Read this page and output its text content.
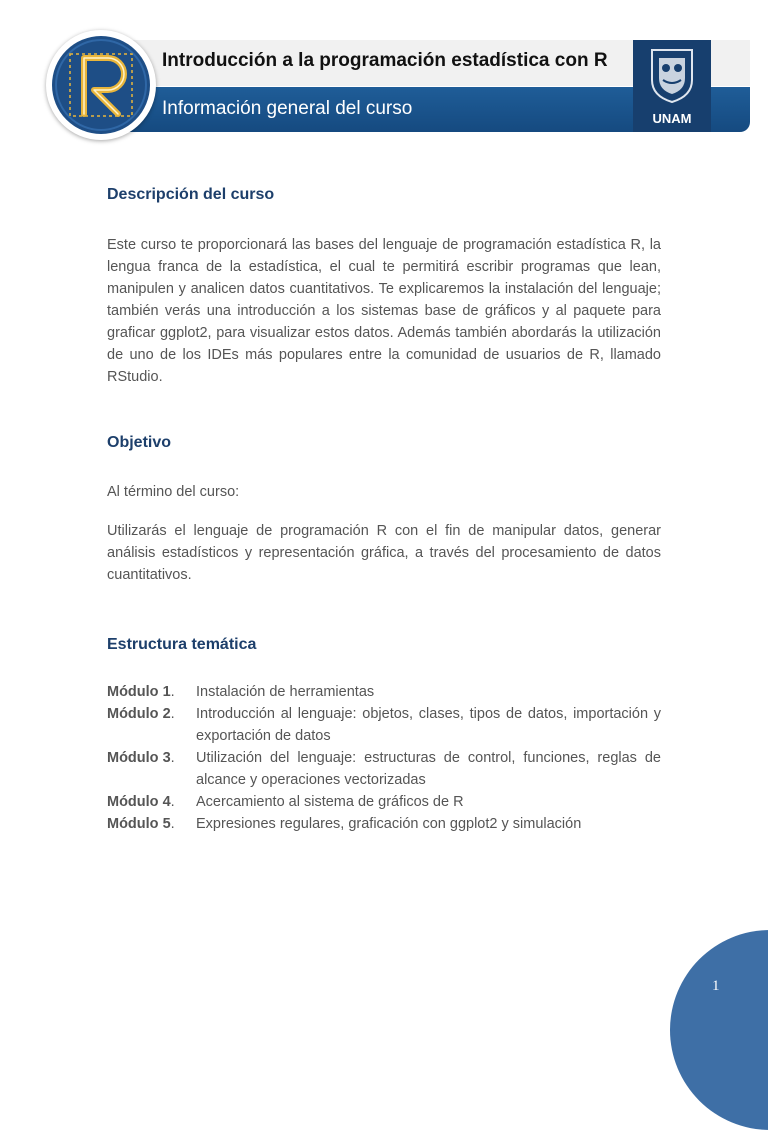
Introducción a la programación estadística con R
Información general del curso	UNAM
Descripción del curso

Este curso te proporcionará las bases del lenguaje de programación estadística R, la lengua franca de la estadística, el cual te permitirá escribir programas que lean, manipulen y analicen datos cuantitativos. Te explicaremos la instalación del lenguaje; también verás una introducción a los sistemas base de gráficos y al paquete para graficar ggplot2, para visualizar estos datos. Además también abordarás la utilización de uno de los IDEs más populares entre la comunidad de usuarios de R, llamado RStudio.

Objetivo

Al término del curso:

Utilizarás el lenguaje de programación R con el fin de manipular datos, generar análisis estadísticos y representación gráfica, a través del procesamiento de datos cuantitativos.

Estructura temática
Módulo 1.	Instalación de herramientas
Módulo 2.	Introducción al lenguaje: objetos, clases, tipos de datos, importación y exportación de datos
Módulo 3.	Utilización del lenguaje: estructuras de control, funciones, reglas de alcance y operaciones vectorizadas
Módulo 4.	Acercamiento al sistema de gráficos de R
Módulo 5.	Expresiones regulares, graficación con ggplot2 y simulación
1
